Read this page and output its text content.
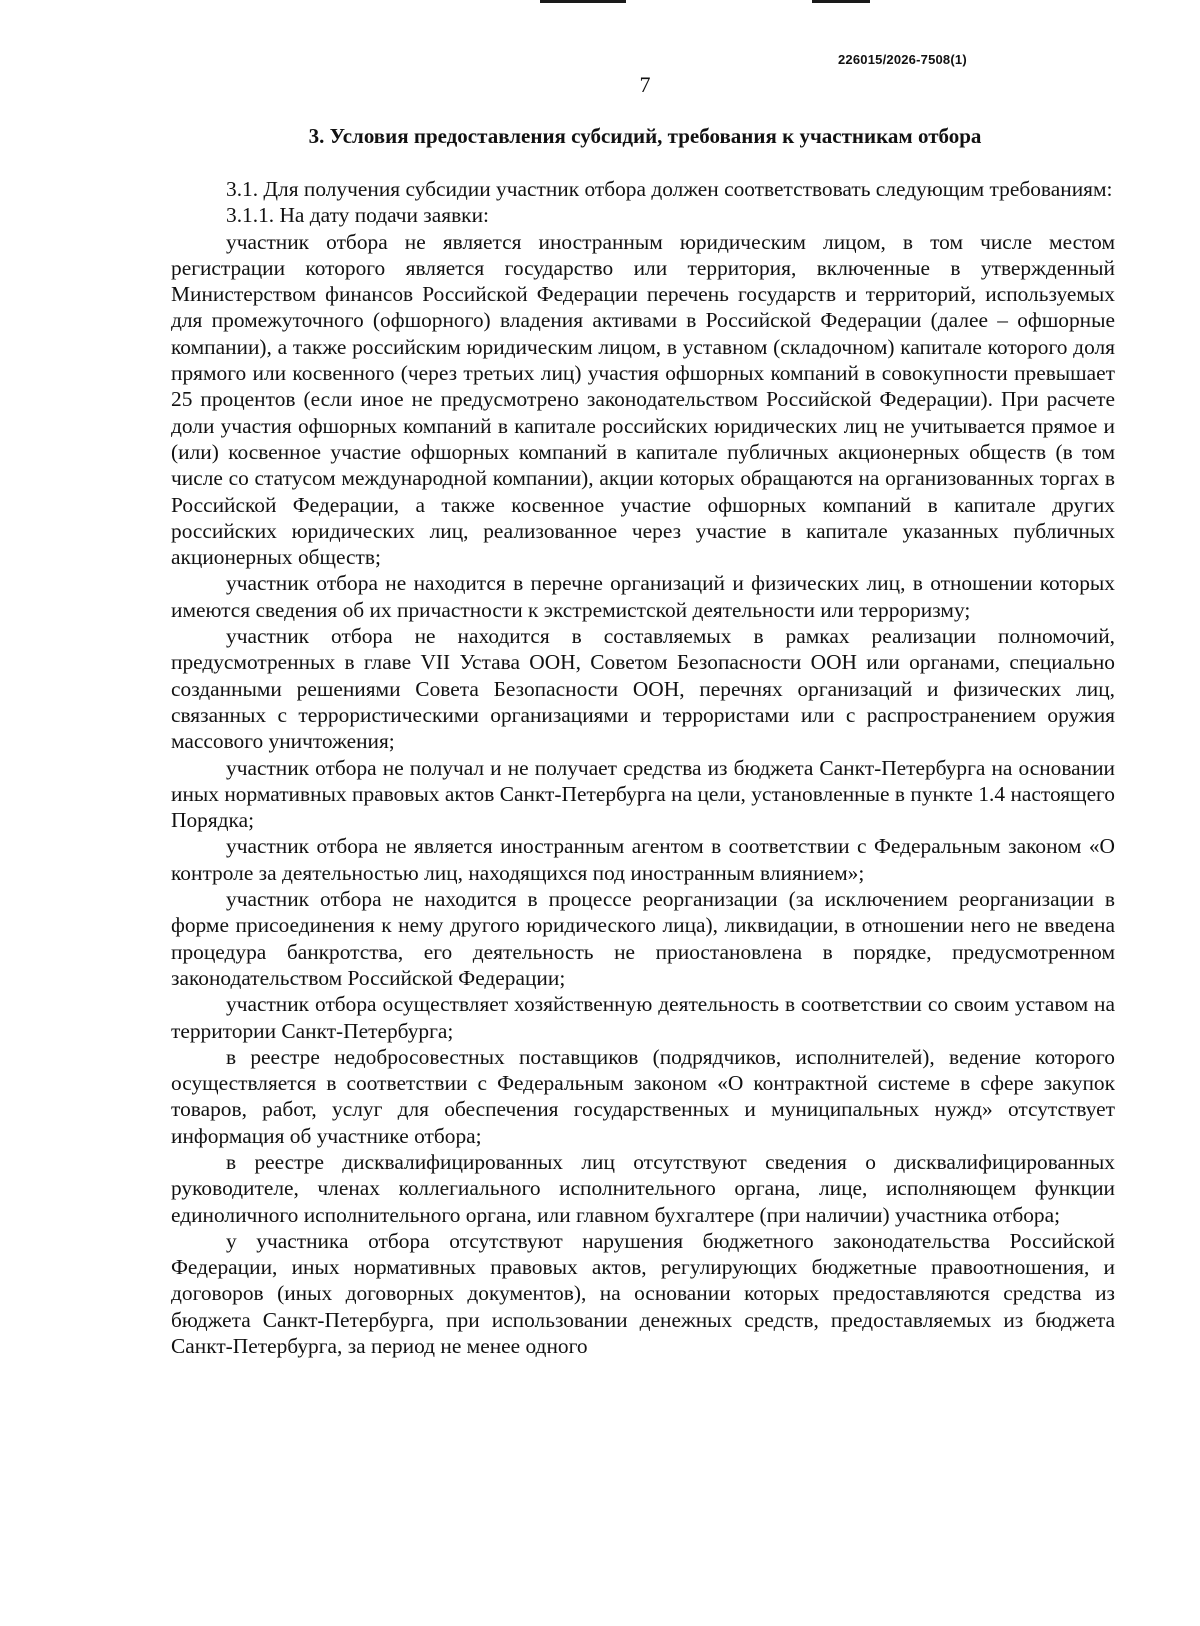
226015/2026-7508(1)
7
3. Условия предоставления субсидий, требования к участникам отбора

3.1. Для получения субсидии участник отбора должен соответствовать следующим требованиям:

3.1.1. На дату подачи заявки:

участник отбора не является иностранным юридическим лицом, в том числе местом регистрации которого является государство или территория, включенные в утвержденный Министерством финансов Российской Федерации перечень государств и территорий, используемых для промежуточного (офшорного) владения активами в Российской Федерации (далее – офшорные компании), а также российским юридическим лицом, в уставном (складочном) капитале которого доля прямого или косвенного (через третьих лиц) участия офшорных компаний в совокупности превышает 25 процентов (если иное не предусмотрено законодательством Российской Федерации). При расчете доли участия офшорных компаний в капитале российских юридических лиц не учитывается прямое и (или) косвенное участие офшорных компаний в капитале публичных акционерных обществ (в том числе со статусом международной компании), акции которых обращаются на организованных торгах в Российской Федерации, а также косвенное участие офшорных компаний в капитале других российских юридических лиц, реализованное через участие в капитале указанных публичных акционерных обществ;

участник отбора не находится в перечне организаций и физических лиц, в отношении которых имеются сведения об их причастности к экстремистской деятельности или терроризму;

участник отбора не находится в составляемых в рамках реализации полномочий, предусмотренных в главе VII Устава ООН, Советом Безопасности ООН или органами, специально созданными решениями Совета Безопасности ООН, перечнях организаций и физических лиц, связанных с террористическими организациями и террористами или с распространением оружия массового уничтожения;

участник отбора не получал и не получает средства из бюджета Санкт-Петербурга на основании иных нормативных правовых актов Санкт-Петербурга на цели, установленные в пункте 1.4 настоящего Порядка;

участник отбора не является иностранным агентом в соответствии с Федеральным законом «О контроле за деятельностью лиц, находящихся под иностранным влиянием»;

участник отбора не находится в процессе реорганизации (за исключением реорганизации в форме присоединения к нему другого юридического лица), ликвидации, в отношении него не введена процедура банкротства, его деятельность не приостановлена в порядке, предусмотренном законодательством Российской Федерации;

участник отбора осуществляет хозяйственную деятельность в соответствии со своим уставом на территории Санкт-Петербурга;

в реестре недобросовестных поставщиков (подрядчиков, исполнителей), ведение которого осуществляется в соответствии с Федеральным законом «О контрактной системе в сфере закупок товаров, работ, услуг для обеспечения государственных и муниципальных нужд» отсутствует информация об участнике отбора;

в реестре дисквалифицированных лиц отсутствуют сведения о дисквалифицированных руководителе, членах коллегиального исполнительного органа, лице, исполняющем функции единоличного исполнительного органа, или главном бухгалтере (при наличии) участника отбора;

у участника отбора отсутствуют нарушения бюджетного законодательства Российской Федерации, иных нормативных правовых актов, регулирующих бюджетные правоотношения, и договоров (иных договорных документов), на основании которых предоставляются средства из бюджета Санкт-Петербурга, при использовании денежных средств, предоставляемых из бюджета Санкт-Петербурга, за период не менее одного
